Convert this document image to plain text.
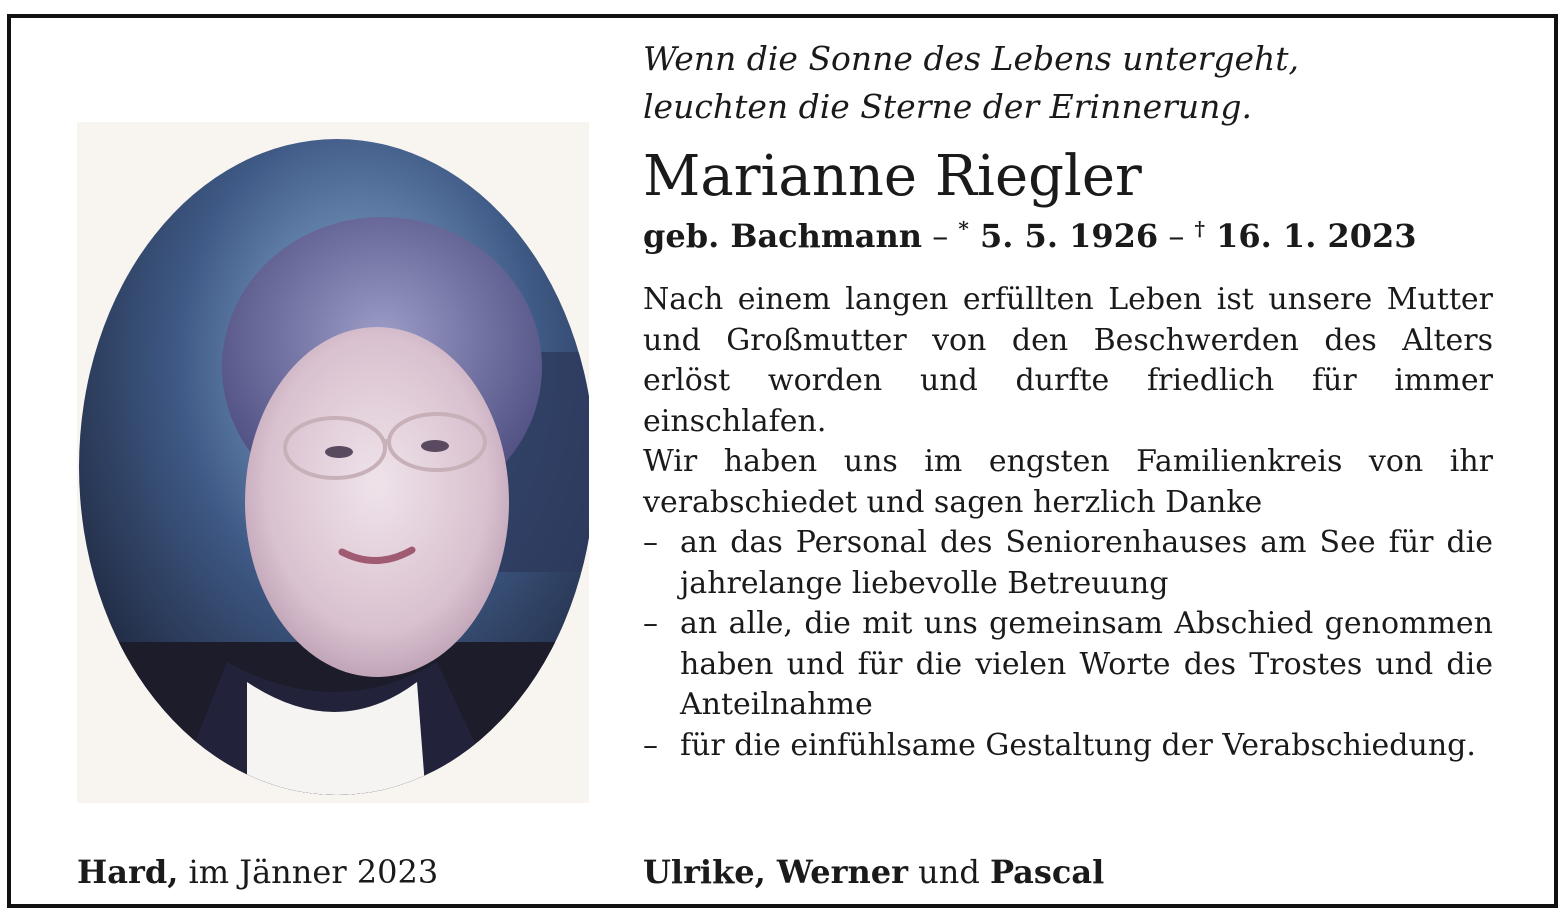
Wenn die Sonne des Lebens untergeht,
leuchten die Sterne der Erinnerung.
Marianne Riegler
geb. Bachmann – * 5. 5. 1926 – † 16. 1. 2023

Nach einem langen erfüllten Leben ist unsere Mutter und Großmutter von den Beschwerden des Alters erlöst worden und durfte friedlich für immer einschlafen.

Wir haben uns im engsten Familienkreis von ihr verabschiedet und sagen herzlich Danke

– an das Personal des Seniorenhauses am See für die jahrelange liebevolle Betreuung
– an alle, die mit uns gemeinsam Abschied genommen haben und für die vielen Worte des Trostes und die Anteilnahme
– für die einfühlsame Gestaltung der Verabschiedung.
Hard, im Jänner 2023	Ulrike, Werner und Pascal
